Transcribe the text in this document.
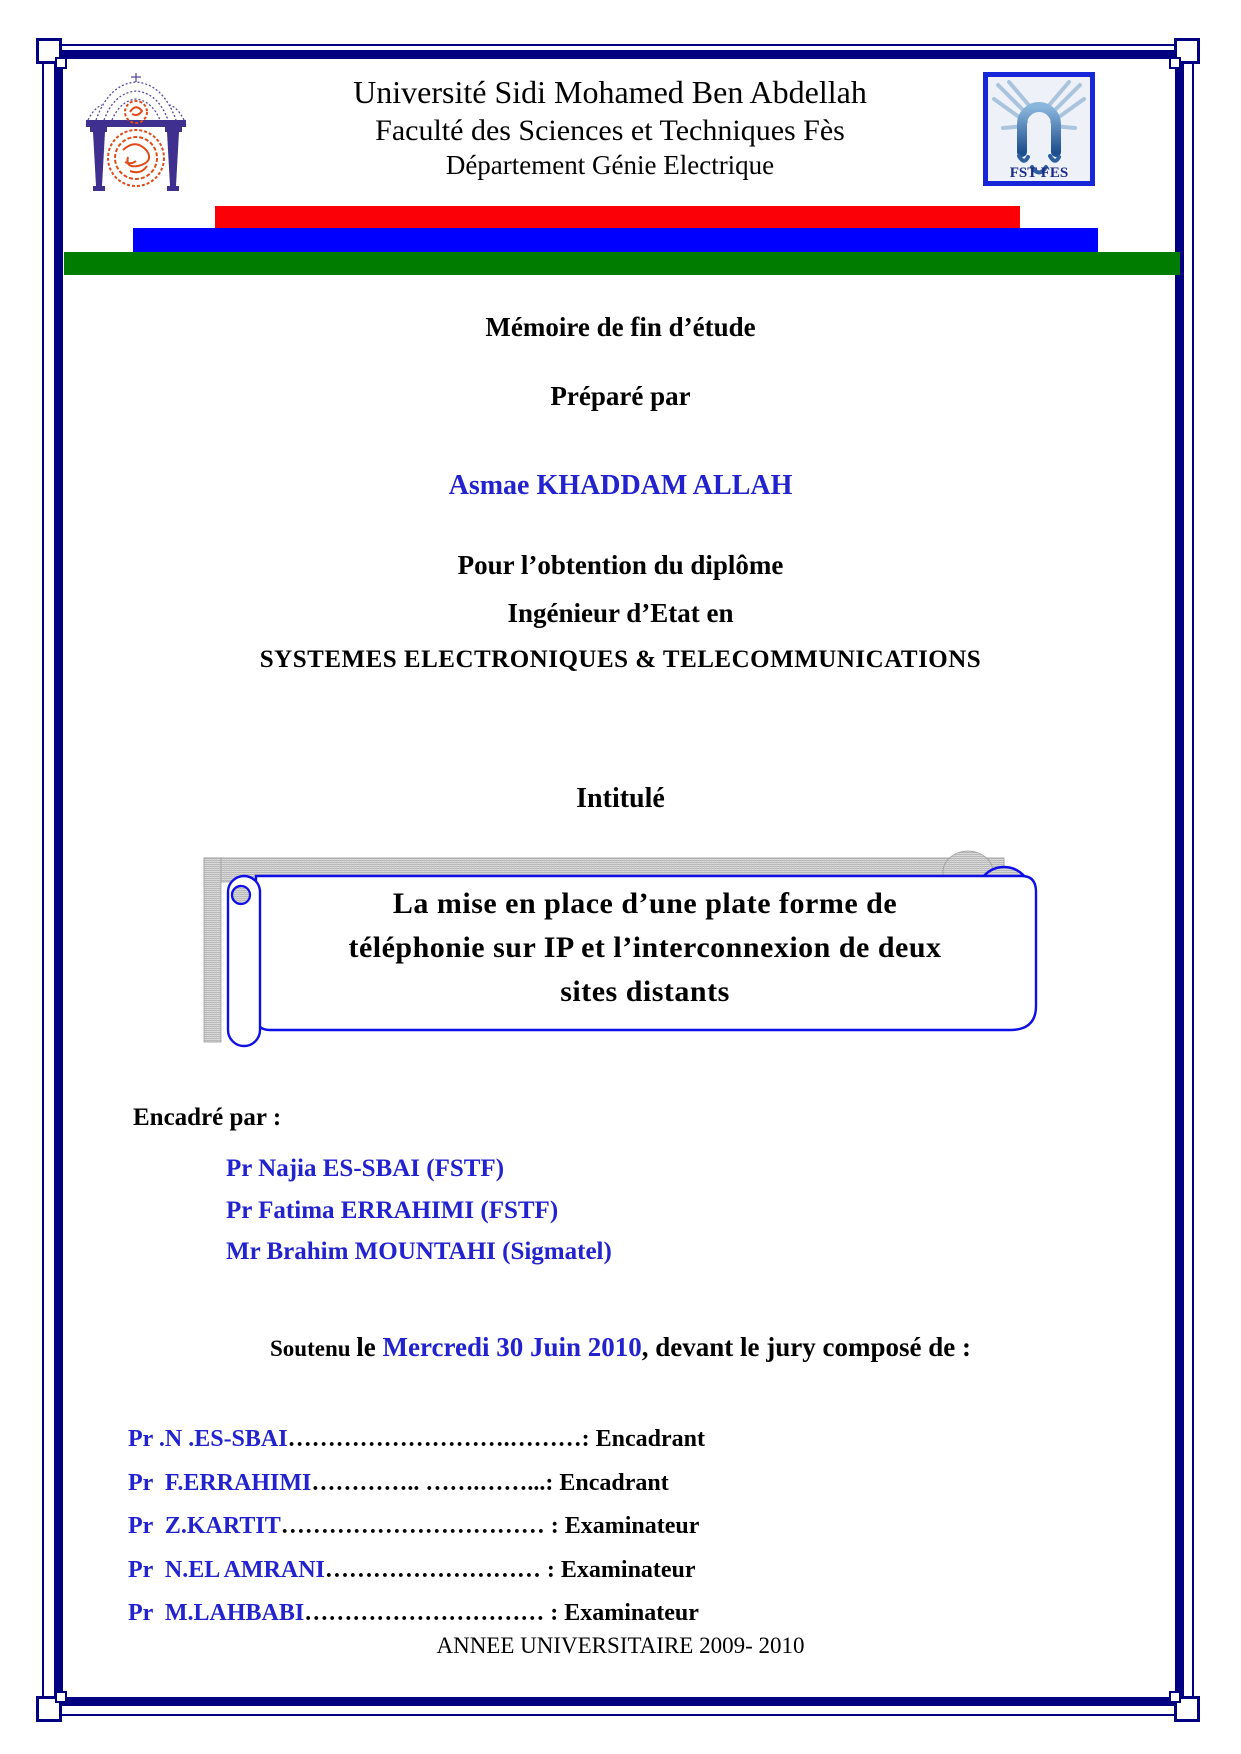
Université Sidi Mohamed Ben Abdellah
Faculté des Sciences et Techniques Fès
Département Génie Electrique	FST FES
Mémoire de fin d’étude
Préparé par
Asmae KHADDAM ALLAH
Pour l’obtention du diplôme
Ingénieur d’Etat en
SYSTEMES ELECTRONIQUES & TELECOMMUNICATIONS
Intitulé
La mise en place d’une plate forme de
téléphonie sur IP et l’interconnexion de deux
sites distants
Encadré par :
Pr Najia ES-SBAI (FSTF)
Pr Fatima ERRAHIMI (FSTF)
Mr Brahim MOUNTAHI (Sigmatel)
Soutenu le Mercredi 30 Juin 2010, devant le jury composé de :
Pr .N .ES-SBAI……………………….………: Encadrant
Pr  F.ERRAHIMI………….. …….……...: Encadrant
Pr  Z.KARTIT…………………………… : Examinateur
Pr  N.EL AMRANI……………………… : Examinateur
Pr  M.LAHBABI………………………… : Examinateur
ANNEE UNIVERSITAIRE 2009- 2010
